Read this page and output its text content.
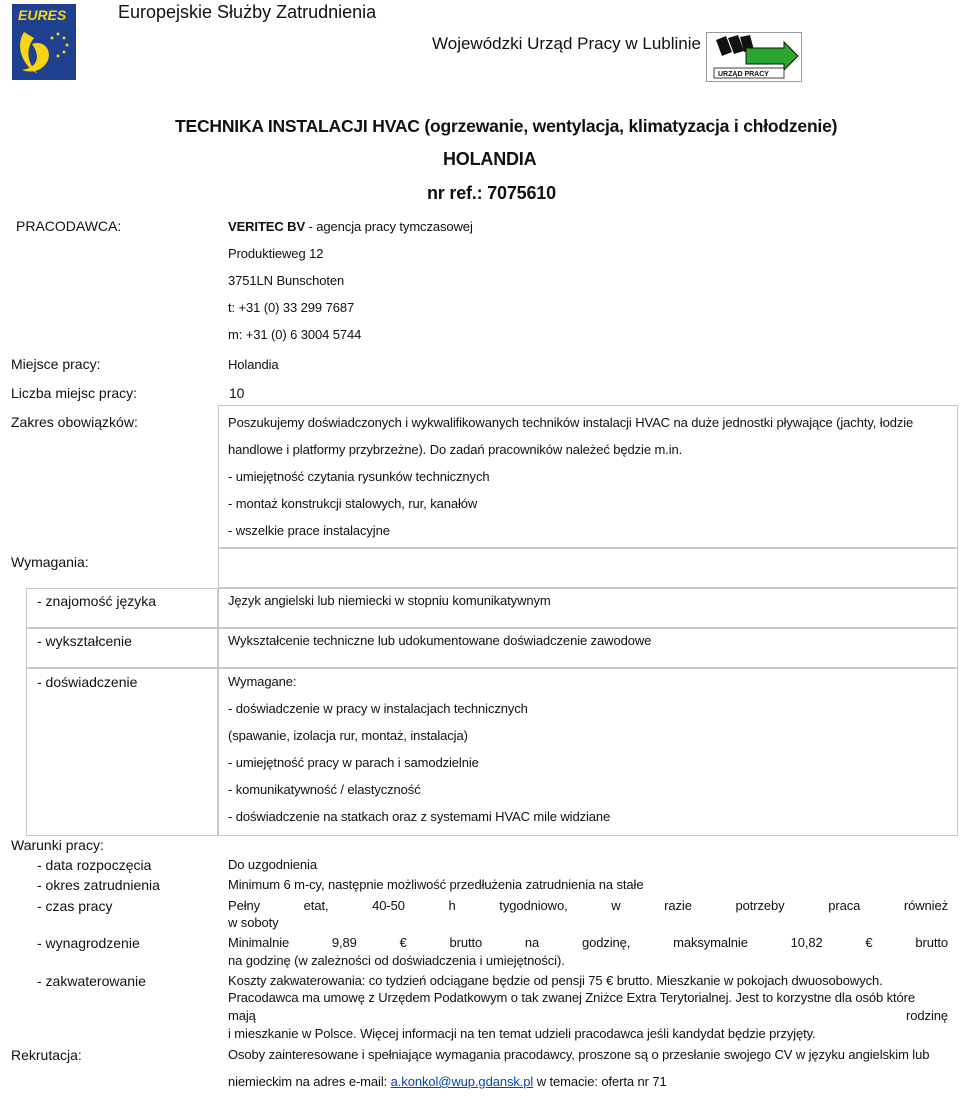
EURES	Europejskie Służby Zatrudnienia
Wojewódzki Urząd Pracy w Lublinie
URZĄD PRACY
TECHNIKA INSTALACJI HVAC (ogrzewanie, wentylacja, klimatyzacja i chłodzenie)
HOLANDIA
nr ref.: 7075610
PRACODAWCA:	VERITEC BV - agencja pracy tymczasowej
Produktieweg 12
3751LN Bunschoten
t: +31 (0) 33 299 7687
m: +31 (0) 6 3004 5744
Miejsce pracy:	Holandia
Liczba miejsc pracy:	10
Zakres obowiązków:	Poszukujemy doświadczonych i wykwalifikowanych techników instalacji HVAC na duże jednostki pływające (jachty, łodzie
handlowe i platformy przybrzeżne). Do zadań pracowników należeć będzie m.in.
- umiejętność czytania rysunków technicznych
- montaż konstrukcji stalowych, rur, kanałów
- wszelkie prace instalacyjne
Wymagania:
- znajomość języka	Język angielski lub niemiecki w stopniu komunikatywnym
- wykształcenie	Wykształcenie techniczne lub udokumentowane doświadczenie zawodowe
- doświadczenie	Wymagane:
- doświadczenie w pracy w instalacjach technicznych
(spawanie, izolacja rur, montaż, instalacja)
- umiejętność pracy w parach i samodzielnie
- komunikatywność / elastyczność
- doświadczenie na statkach oraz z systemami HVAC mile widziane
Warunki pracy:
- data rozpoczęcia	Do uzgodnienia
- okres zatrudnienia	Minimum 6 m-cy, następnie możliwość przedłużenia zatrudnienia na stałe
- czas pracy	Pełny etat, 40-50 h tygodniowo, w razie potrzeby praca również
w soboty
- wynagrodzenie	Minimalnie 9,89 € brutto na godzinę, maksymalnie 10,82 € brutto
na godzinę (w zależności od doświadczenia i umiejętności).
- zakwaterowanie	Koszty zakwaterowania: co tydzień odciągane będzie od pensji 75 € brutto. Mieszkanie w pokojach dwuosobowych.
Pracodawca ma umowę z Urzędem Podatkowym o tak zwanej Zniżce Extra Terytorialnej. Jest to korzystne dla osób które
mają rodzinę
i mieszkanie w Polsce. Więcej informacji na ten temat udzieli pracodawca jeśli kandydat będzie przyjęty.
Rekrutacja:	Osoby zainteresowane i spełniające wymagania pracodawcy, proszone są o przesłanie swojego CV w języku angielskim lub
niemieckim na adres e-mail: a.konkol@wup.gdansk.pl w temacie: oferta nr 71
